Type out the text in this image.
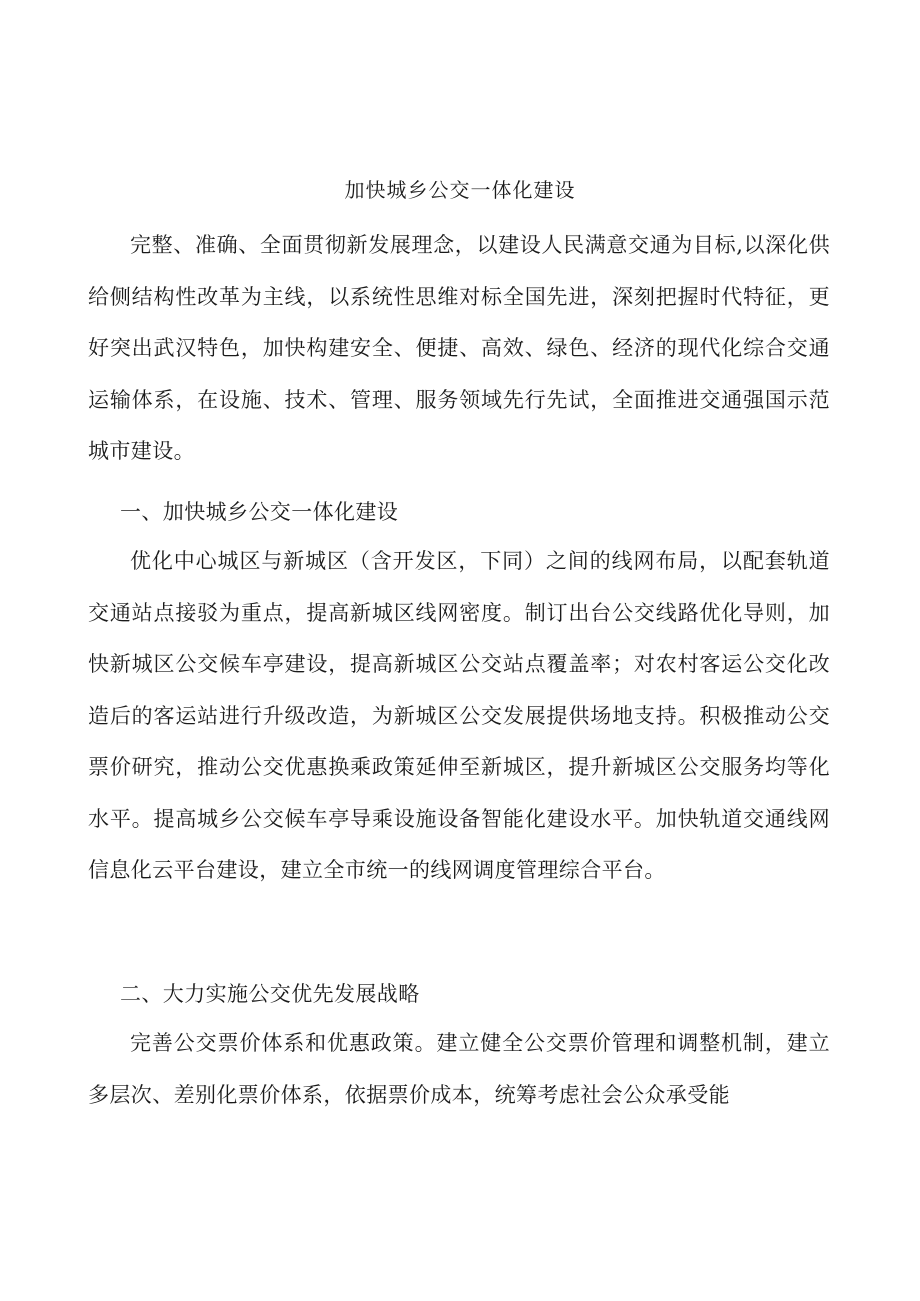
加快城乡公交一体化建设

完整、准确、全面贯彻新发展理念，以建设人民满意交通为目标,以深化供给侧结构性改革为主线，以系统性思维对标全国先进，深刻把握时代特征，更好突出武汉特色，加快构建安全、便捷、高效、绿色、经济的现代化综合交通运输体系，在设施、技术、管理、服务领域先行先试，全面推进交通强国示范城市建设。

一、加快城乡公交一体化建设

优化中心城区与新城区（含开发区，下同）之间的线网布局，以配套轨道交通站点接驳为重点，提高新城区线网密度。制订出台公交线路优化导则，加快新城区公交候车亭建设，提高新城区公交站点覆盖率；对农村客运公交化改造后的客运站进行升级改造，为新城区公交发展提供场地支持。积极推动公交票价研究，推动公交优惠换乘政策延伸至新城区，提升新城区公交服务均等化水平。提高城乡公交候车亭导乘设施设备智能化建设水平。加快轨道交通线网信息化云平台建设，建立全市统一的线网调度管理综合平台。

二、大力实施公交优先发展战略

完善公交票价体系和优惠政策。建立健全公交票价管理和调整机制，建立多层次、差别化票价体系，依据票价成本，统筹考虑社会公众承受能
